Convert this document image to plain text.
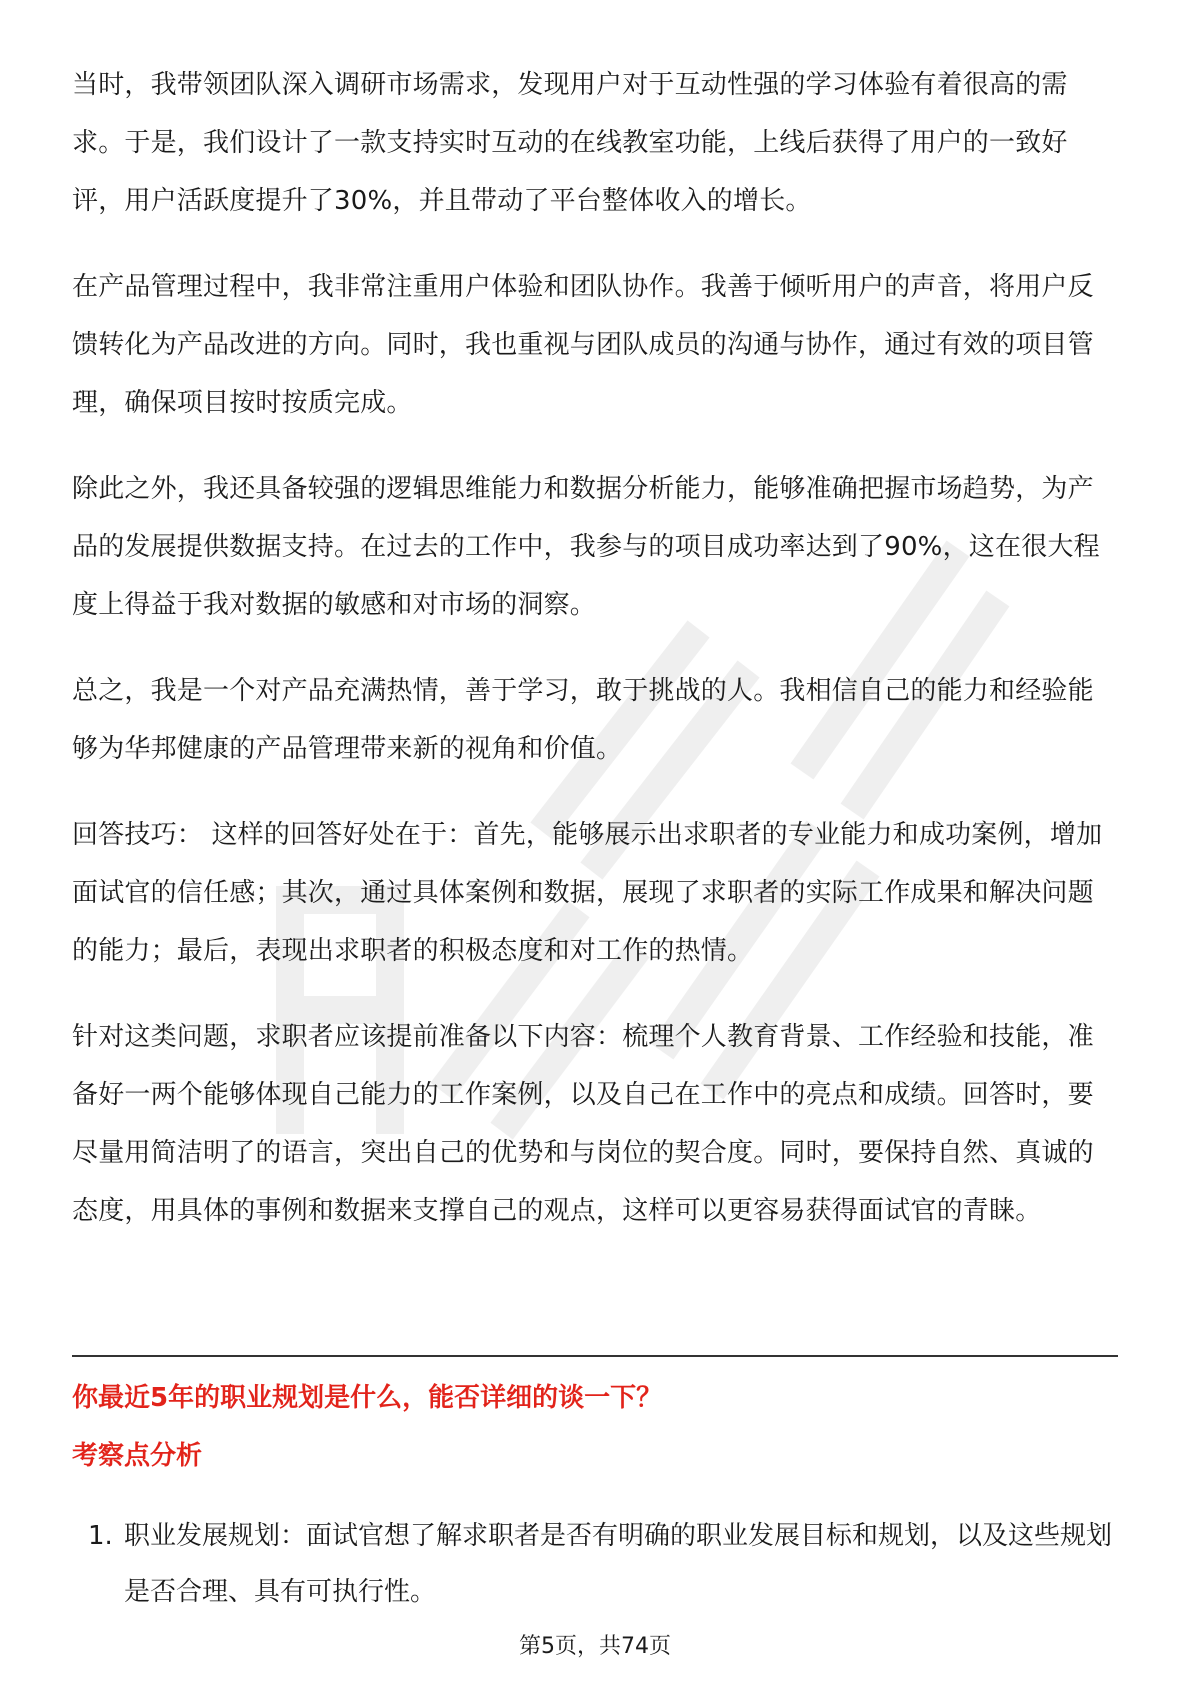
当时，我带领团队深入调研市场需求，发现用户对于互动性强的学习体验有着很高的需求。于是，我们设计了一款支持实时互动的在线教室功能，上线后获得了用户的一致好评，用户活跃度提升了30%，并且带动了平台整体收入的增长。

在产品管理过程中，我非常注重用户体验和团队协作。我善于倾听用户的声音，将用户反馈转化为产品改进的方向。同时，我也重视与团队成员的沟通与协作，通过有效的项目管理，确保项目按时按质完成。

除此之外，我还具备较强的逻辑思维能力和数据分析能力，能够准确把握市场趋势，为产品的发展提供数据支持。在过去的工作中，我参与的项目成功率达到了90%，这在很大程度上得益于我对数据的敏感和对市场的洞察。

总之，我是一个对产品充满热情，善于学习，敢于挑战的人。我相信自己的能力和经验能够为华邦健康的产品管理带来新的视角和价值。

回答技巧： 这样的回答好处在于：首先，能够展示出求职者的专业能力和成功案例，增加面试官的信任感；其次，通过具体案例和数据，展现了求职者的实际工作成果和解决问题的能力；最后，表现出求职者的积极态度和对工作的热情。

针对这类问题，求职者应该提前准备以下内容：梳理个人教育背景、工作经验和技能，准备好一两个能够体现自己能力的工作案例，以及自己在工作中的亮点和成绩。回答时，要尽量用简洁明了的语言，突出自己的优势和与岗位的契合度。同时，要保持自然、真诚的态度，用具体的事例和数据来支撑自己的观点，这样可以更容易获得面试官的青睐。

你最近5年的职业规划是什么，能否详细的谈一下？
考察点分析
1. 职业发展规划：面试官想了解求职者是否有明确的职业发展目标和规划，以及这些规划是否合理、具有可执行性。
第5页，共74页
